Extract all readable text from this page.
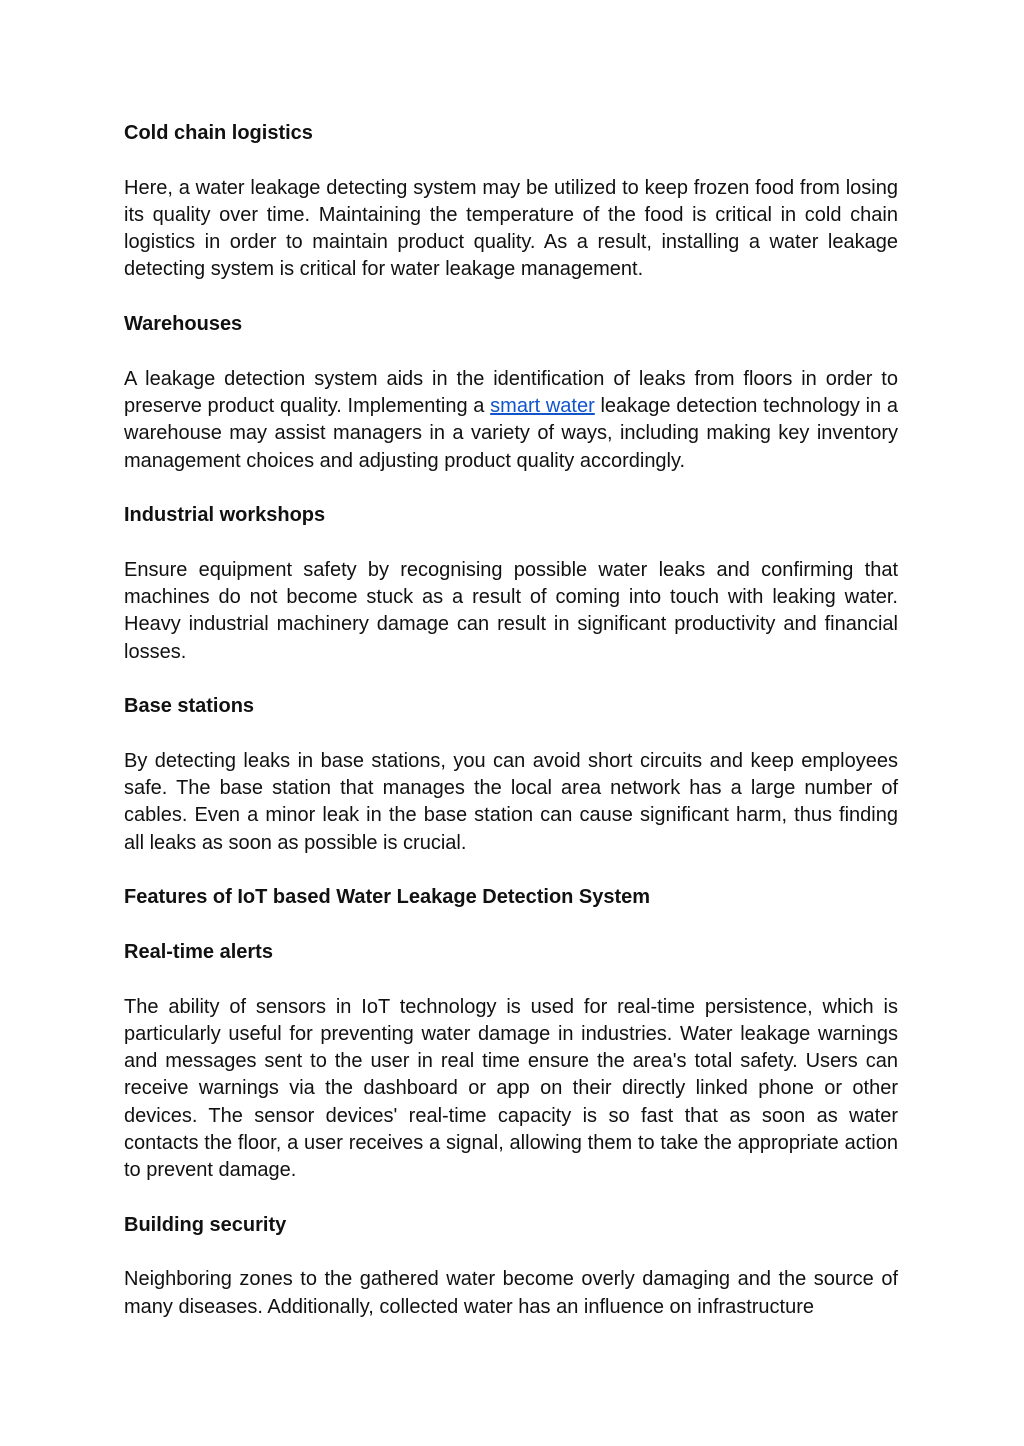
Cold chain logistics
Here, a water leakage detecting system may be utilized to keep frozen food from losing its quality over time. Maintaining the temperature of the food is critical in cold chain logistics in order to maintain product quality. As a result, installing a water leakage detecting system is critical for water leakage management.
Warehouses
A leakage detection system aids in the identification of leaks from floors in order to preserve product quality. Implementing a smart water leakage detection technology in a warehouse may assist managers in a variety of ways, including making key inventory management choices and adjusting product quality accordingly.
Industrial workshops
Ensure equipment safety by recognising possible water leaks and confirming that machines do not become stuck as a result of coming into touch with leaking water. Heavy industrial machinery damage can result in significant productivity and financial losses.
Base stations
By detecting leaks in base stations, you can avoid short circuits and keep employees safe. The base station that manages the local area network has a large number of cables. Even a minor leak in the base station can cause significant harm, thus finding all leaks as soon as possible is crucial.
Features of IoT based Water Leakage Detection System
Real-time alerts
The ability of sensors in IoT technology is used for real-time persistence, which is particularly useful for preventing water damage in industries. Water leakage warnings and messages sent to the user in real time ensure the area's total safety. Users can receive warnings via the dashboard or app on their directly linked phone or other devices. The sensor devices' real-time capacity is so fast that as soon as water contacts the floor, a user receives a signal, allowing them to take the appropriate action to prevent damage.
Building security
Neighboring zones to the gathered water become overly damaging and the source of many diseases. Additionally, collected water has an influence on infrastructure
